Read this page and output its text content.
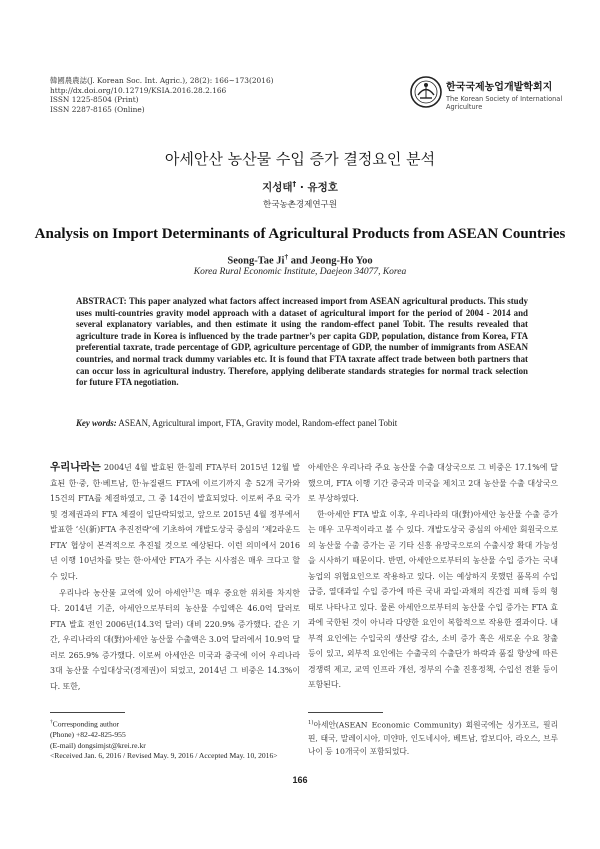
韓國農農誌(J. Korean Soc. Int. Agric.), 28(2): 166~173(2016)
http://dx.doi.org/10.12719/KSIA.2016.28.2.166
ISSN 1225-8504 (Print)
ISSN 2287-8165 (Online)
한국국제농업개발학회지
The Korean Society of International
Agriculture
아세안산 농산물 수입 증가 결정요인 분석
지성태† · 유정호
한국농촌경제연구원
Analysis on Import Determinants of Agricultural Products from ASEAN Countries
Seong-Tae Ji† and Jeong-Ho Yoo
Korea Rural Economic Institute, Daejeon 34077, Korea
ABSTRACT: This paper analyzed what factors affect increased import from ASEAN agricultural products. This study uses multi-countries gravity model approach with a dataset of agricultural import for the period of 2004 - 2014 and several explanatory variables, and then estimate it using the random-effect panel Tobit. The results revealed that agriculture trade in Korea is influenced by the trade partner’s per capita GDP, population, distance from Korea, FTA preferential taxrate, trade percentage of GDP, agriculture percentage of GDP, the number of immigrants from ASEAN countries, and normal track dummy variables etc. It is found that FTA taxrate affect trade between both partners that can occur loss in agricultural industry. Therefore, applying deliberate standards strategies for normal track selection for future FTA negotiation.
Key words: ASEAN, Agricultural import, FTA, Gravity model, Random-effect panel Tobit

우리나라는 2004년 4월 발효된 한·칠레 FTA부터 2015년 12월 발효된 한·중, 한·베트남, 한·뉴질랜드 FTA에 이르기까지 총 52개 국가와 15건의 FTA를 체결하였고, 그 중 14건이 발효되었다. 이로써 주요 국가 및 경제권과의 FTA 체결이 일단락되었고, 앞으로 2015년 4월 정부에서 발표한 ‘신(新)FTA 추진전략’에 기초하여 개발도상국 중심의 ‘제2라운드 FTA’ 협상이 본격적으로 추진될 것으로 예상된다. 이런 의미에서 2016년 이행 10년차를 맞는 한·아세안 FTA가 주는 시사점은 매우 크다고 할 수 있다.

우리나라 농산물 교역에 있어 아세안$^{1)}$은 매우 중요한 위치를 차지한다. 2014년 기준, 아세안으로부터의 농산물 수입액은 46.0억 달러로 FTA 발효 전인 2006년(14.3억 달러) 대비 220.9% 증가했다. 같은 기간, 우리나라의 대(對)아세안 농산물 수출액은 3.0억 달러에서 10.9억 달러로 265.9% 증가했다. 이로써 아세안은 미국과 중국에 이어 우리나라 3대 농산물 수입대상국(경제권)이 되었고, 2014년 그 비중은 14.3%이다. 또한,

아세안은 우리나라 주요 농산물 수출 대상국으로 그 비중은 17.1%에 달했으며, FTA 이행 기간 중국과 미국을 제치고 2대 농산물 수출 대상국으로 부상하였다.

한·아세안 FTA 발효 이후, 우리나라의 대(對)아세안 농산물 수출 증가는 매우 고무적이라고 볼 수 있다. 개발도상국 중심의 아세안 회원국으로의 농산물 수출 증가는 곧 기타 신흥 유망국으로의 수출시장 확대 가능성을 시사하기 때문이다. 반면, 아세안으로부터의 농산물 수입 증가는 국내 농업의 위협요인으로 작용하고 있다. 이는 예상하지 못했던 품목의 수입 급증, 열대과일 수입 증가에 따른 국내 과일·과채의 직간접 피해 등의 형태로 나타나고 있다. 물론 아세안으로부터의 농산물 수입 증가는 FTA 효과에 국한된 것이 아니라 다양한 요인이 복합적으로 작용한 결과이다. 내부적 요인에는 수입국의 생산량 감소, 소비 증가 혹은 새로운 수요 창출 등이 있고, 외부적 요인에는 수출국의 수출단가 하락과 품질 향상에 따른 경쟁력 제고, 교역 인프라 개선, 정부의 수출 진흥정책, 수입선 전환 등이 포함된다.

†Corresponding author
(Phone) +82-42-825-955
(E-mail) dongsimjst@krei.re.kr
<Received Jan. 6, 2016 / Revised May. 9, 2016 / Accepted May. 10, 2016>
$^{1)}$아세안(ASEAN Economic Community) 회원국에는 싱가포르, 필리핀, 태국, 말레이시아, 미얀마, 인도네시아, 베트남, 캄보디아, 라오스, 브루나이 등 10개국이 포함되었다.
166
